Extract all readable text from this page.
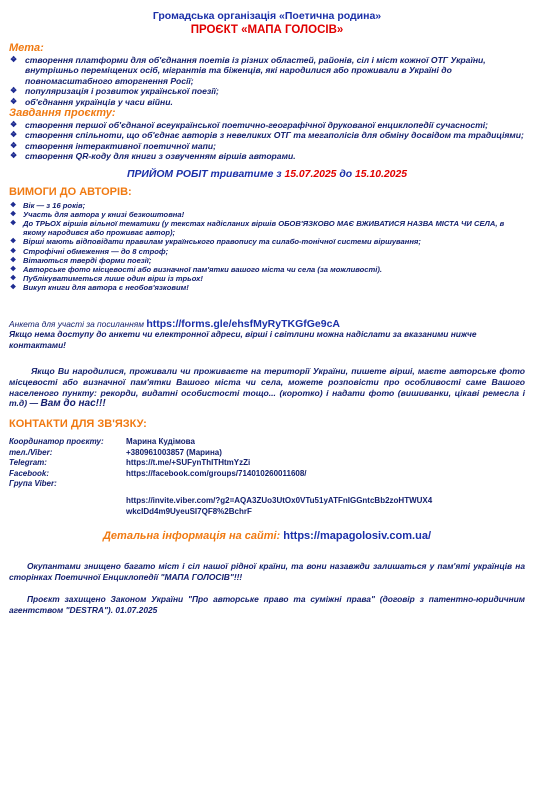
Громадська організація «Поетична родина»
ПРОЄКТ «МАПА ГОЛОСІВ»
Мета:
❖ створення платформи для об'єднання поетів із різних областей, районів, сіл і міст кожної ОТГ України, внутрішньо переміщених осіб, мігрантів та біженців, які народилися або проживали в Україні до повномасштабного вторгнення Росії;
❖ популяризація і розвиток української поезії;
❖ об'єднання українців у часи війни.
Завдання проєкту:
❖ створення першої об'єднаної всеукраїнської поетично-географічної друкованої енциклопедії сучасності;
❖ створення спільноти, що об'єднає авторів з невеликих ОТГ та мегаполісів для обміну досвідом та традиціями;
❖ створення інтерактивної поетичної мапи;
❖ створення QR-коду для книги з озвученням віршів авторами.
ПРИЙОМ РОБІТ триватиме з 15.07.2025 до 15.10.2025
ВИМОГИ ДО АВТОРІВ:
❖ Вік — з 16 років;
❖ Участь для автора у книзі безкоштовна!
❖ До ТРЬОХ віршів вільної тематики (у текстах надісланих віршів ОБОВ'ЯЗКОВО МАЄ ВЖИВАТИСЯ НАЗВА МІСТА ЧИ СЕЛА, в якому народився або проживає автор);
❖ Вірші мають відповідати правилам українського правопису та силабо-тонічної системи віршування;
❖ Строфічні обмеження — до 8 строф;
❖ Вітаються тверді форми поезії;
❖ Авторське фото місцевості або визначної пам'ятки вашого міста чи села (за можливості).
❖ Публікуватиметься лише один вірш із трьох!
❖ Викуп книги для автора є необов'язковим!
Анкета для участі за посиланням https://forms.gle/ehsfMyRyTKGfGe9cA
Якщо нема доступу до анкети чи електронної адреси, вірші і світлини можна надіслати за вказаними нижче контактами!
Якщо Ви народилися, проживали чи проживаєте на території України, пишете вірші, маєте авторське фото місцевості або визначної пам'ятки Вашого міста чи села, можете розповісти про особливості саме Вашого населеного пункту: рекорди, видатні особистості тощо... (коротко) і надати фото (вишиванки, цікаві ремесла і т.д) — Вам до нас!!!
КОНТАКТИ ДЛЯ ЗВ'ЯЗКУ:
Координатор проєкту:	Марина Кудімова
тел./Viber:	+380961003857 (Марина)
Telegram:	https://t.me/+SUFynThITHtmYzZi
Facebook:	https://facebook.com/groups/714010260011608/
Група Viber:
https://invite.viber.com/?g2=AQA3ZUo3UtOx0VTu51yATFnIGGntcBb2zoHTWUX4
wkcIDd4m9UyeuSI7QF8%2BchrF
Детальна інформація на сайті: https://mapagolosiv.com.ua/
Окупантами знищено багато міст і сіл нашої рідної країни, та вони назавжди залишаться у пам'яті українців на сторінках Поетичної Енциклопедії "МАПА ГОЛОСІВ"!!!
Проєкт захищено Законом України "Про авторське право та суміжні права" (договір з патентно-юридичним агентством "DESTRA"). 01.07.2025
